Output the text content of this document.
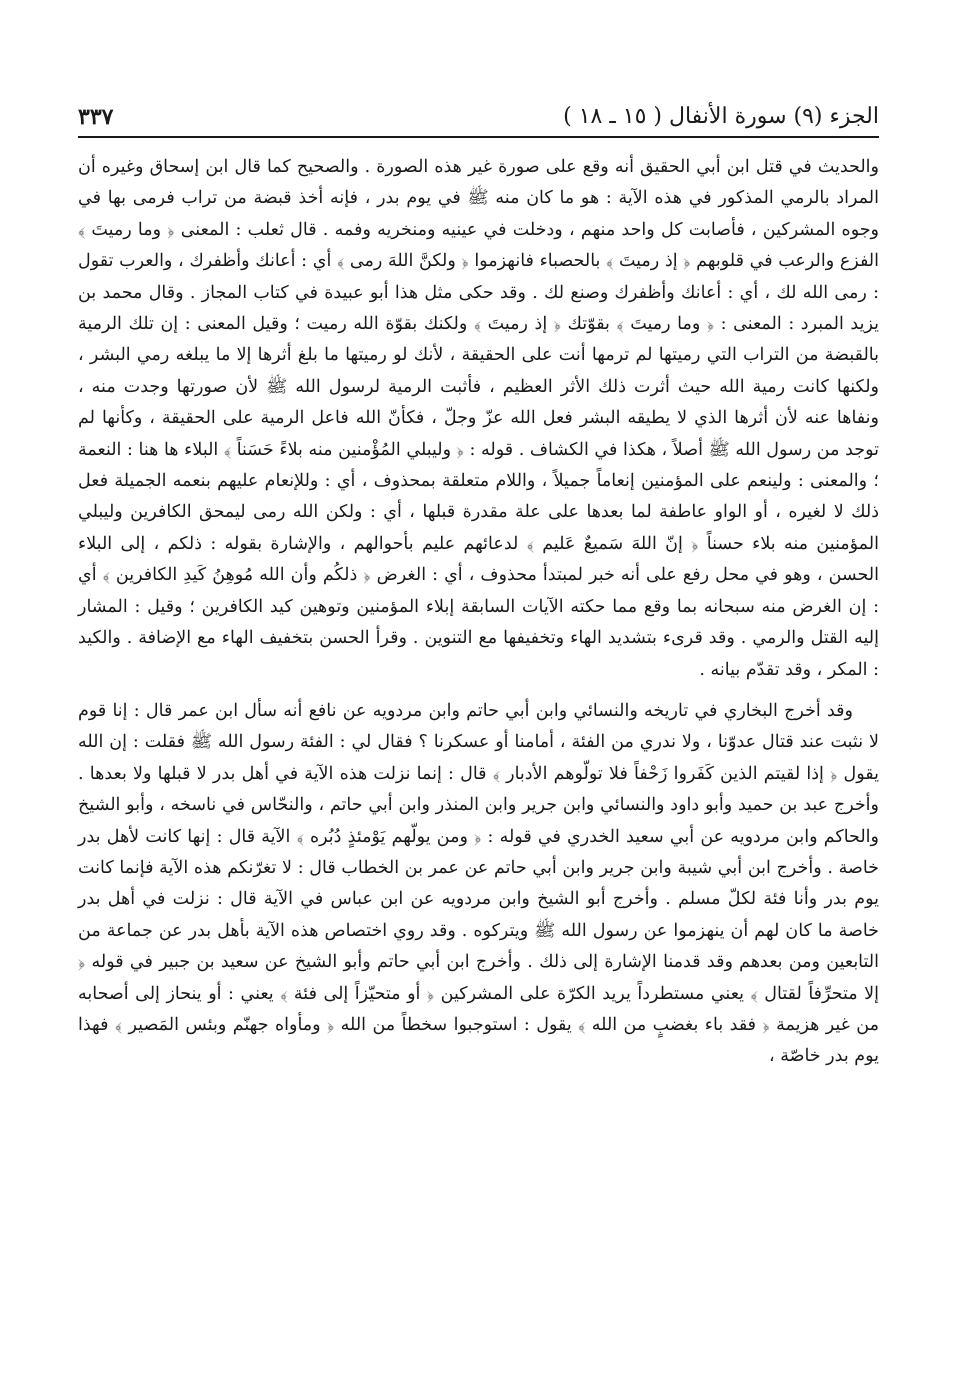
الجزء (٩) سورة الأنفال ( ١٥ ـ ١٨ )
٣٣٧

والحديث في قتل ابن أبي الحقيق أنه وقع على صورة غير هذه الصورة . والصحيح كما قال ابن إسحاق وغيره أن المراد بالرمي المذكور في هذه الآية : هو ما كان منه ﷺ في يوم بدر ، فإنه أخذ قبضة من تراب فرمى بها في وجوه المشركين ، فأصابت كل واحد منهم ، ودخلت في عينيه ومنخريه وفمه . قال ثعلب : المعنى ﴿ وما رميتَ ﴾ الفزع والرعب في قلوبهم ﴿ إذ رميتَ ﴾ بالحصباء فانهزموا ﴿ ولكنَّ اللهَ رمى ﴾ أي : أعانك وأظفرك ، والعرب تقول : رمى الله لك ، أي : أعانك وأظفرك وصنع لك . وقد حكى مثل هذا أبو عبيدة في كتاب المجاز . وقال محمد بن يزيد المبرد : المعنى : ﴿ وما رميتَ ﴾ بقوّتك ﴿ إذ رميتَ ﴾ ولكنك بقوّة الله رميت ؛ وقيل المعنى : إن تلك الرمية بالقبضة من التراب التي رميتها لم ترمها أنت على الحقيقة ، لأنك لو رميتها ما بلغ أثرها إلا ما يبلغه رمي البشر ، ولكنها كانت رمية الله حيث أثرت ذلك الأثر العظيم ، فأثبت الرمية لرسول الله ﷺ لأن صورتها وجدت منه ، ونفاها عنه لأن أثرها الذي لا يطيقه البشر فعل الله عزّ وجلّ ، فكأنّ الله فاعل الرمية على الحقيقة ، وكأنها لم توجد من رسول الله ﷺ أصلاً ، هكذا في الكشاف . قوله : ﴿ وليبلي المُؤْمنين منه بلاءً حَسَناً ﴾ البلاء ها هنا : النعمة ؛ والمعنى : ولينعم على المؤمنين إنعاماً جميلاً ، واللام متعلقة بمحذوف ، أي : وللإنعام عليهم بنعمه الجميلة فعل ذلك لا لغيره ، أو الواو عاطفة لما بعدها على علة مقدرة قبلها ، أي : ولكن الله رمى ليمحق الكافرين وليبلي المؤمنين منه بلاء حسناً ﴿ إنّ اللهَ سَميعٌ عَليم ﴾ لدعائهم عليم بأحوالهم ، والإشارة بقوله : ذلكم ، إلى البلاء الحسن ، وهو في محل رفع على أنه خبر لمبتدأ محذوف ، أي : الغرض ﴿ ذلكُم وأن الله مُوهِنُ كَيدِ الكافرين ﴾ أي : إن الغرض منه سبحانه بما وقع مما حكته الآيات السابقة إبلاء المؤمنين وتوهين كيد الكافرين ؛ وقيل : المشار إليه القتل والرمي . وقد قرىء بتشديد الهاء وتخفيفها مع التنوين . وقرأ الحسن بتخفيف الهاء مع الإضافة . والكيد : المكر ، وقد تقدّم بيانه .

وقد أخرج البخاري في تاريخه والنسائي وابن أبي حاتم وابن مردويه عن نافع أنه سأل ابن عمر قال : إنا قوم لا نثبت عند قتال عدوّنا ، ولا ندري من الفئة ، أمامنا أو عسكرنا ؟ فقال لي : الفئة رسول الله ﷺ فقلت : إن الله يقول ﴿ إذا لقيتم الذين كَفَروا زَحْفاً فلا تولّوهم الأدبار ﴾ قال : إنما نزلت هذه الآية في أهل بدر لا قبلها ولا بعدها . وأخرج عبد بن حميد وأبو داود والنسائي وابن جرير وابن المنذر وابن أبي حاتم ، والنحّاس في ناسخه ، وأبو الشيخ والحاكم وابن مردويه عن أبي سعيد الخدري في قوله : ﴿ ومن يولّهم يَوْمئذٍ دُبُره ﴾ الآية قال : إنها كانت لأهل بدر خاصة . وأخرج ابن أبي شيبة وابن جرير وابن أبي حاتم عن عمر بن الخطاب قال : لا تغرّنكم هذه الآية فإنما كانت يوم بدر وأنا فئة لكلّ مسلم . وأخرج أبو الشيخ وابن مردويه عن ابن عباس في الآية قال : نزلت في أهل بدر خاصة ما كان لهم أن ينهزموا عن رسول الله ﷺ ويتركوه . وقد روي اختصاص هذه الآية بأهل بدر عن جماعة من التابعين ومن بعدهم وقد قدمنا الإشارة إلى ذلك . وأخرج ابن أبي حاتم وأبو الشيخ عن سعيد بن جبير في قوله ﴿ إلا متحرِّفاً لقتال ﴾ يعني مستطرداً يريد الكرّة على المشركين ﴿ أو متحيّزاً إلى فئة ﴾ يعني : أو ينحاز إلى أصحابه من غير هزيمة ﴿ فقد باء بغضبٍ من الله ﴾ يقول : استوجبوا سخطاً من الله ﴿ ومأواه جهنّم وبئس المَصير ﴾ فهذا يوم بدر خاصّة ،
